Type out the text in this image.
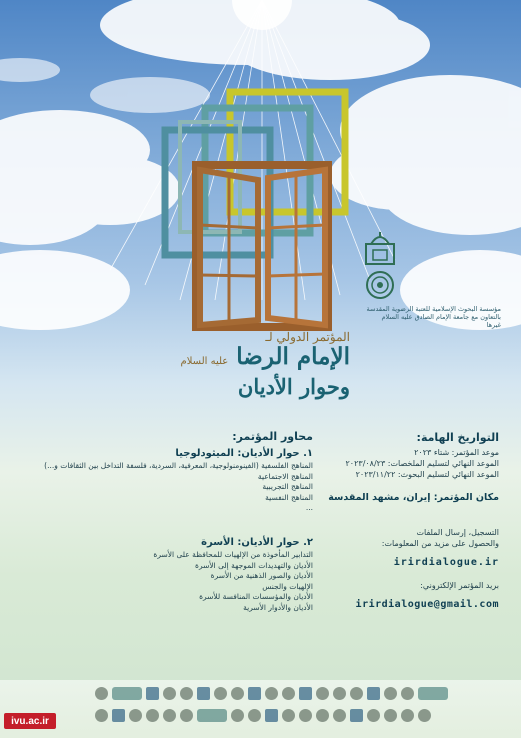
مؤسسة البحوث الإسلامية للعتبة الرضوية المقدسة
بالتعاون مع جامعة الإمام الصادق عليه السلام
غيرها
المؤتمر الدولي لـ
الإمام الرضا عليه السلام
وحوار الأديان
التواريخ الهامة:
موعد المؤتمر: شتاء ٢٠٢٣
الموعد النهائي لتسليم الملخصات: ٢٠٢٣/٠٨/٢٣
الموعد النهائي لتسليم البحوث: ٢٠٢٣/١١/٢٢
مكان المؤتمر: إيران، مشهد المقدسة
التسجيل، إرسال الملفات
والحصول على مزيد من المعلومات:
irirdialogue.ir
بريد المؤتمر الإلكتروني:
irirdialogue@gmail.com
محاور المؤتمر:
١. حوار الأديان: الميثودلوجيا
المناهج الفلسفية (الفينومنولوجية، المعرفية، السردية، فلسفة التداخل بين الثقافات و...)
المناهج الاجتماعية
المناهج التجريبية
المناهج النفسية
...
٢. حوار الأديان: الأسرة
التدابير المأخوذة من الإلهيات للمحافظة على الأسرة
الأديان والتهديدات الموجهة إلى الأسرة
الأديان والصور الذهنية من الأسرة
الإلهيات والجنس
الأديان والمؤسسات المنافسة للأسرة
الأديان والأدوار الأسرية
ivu.ac.ir
